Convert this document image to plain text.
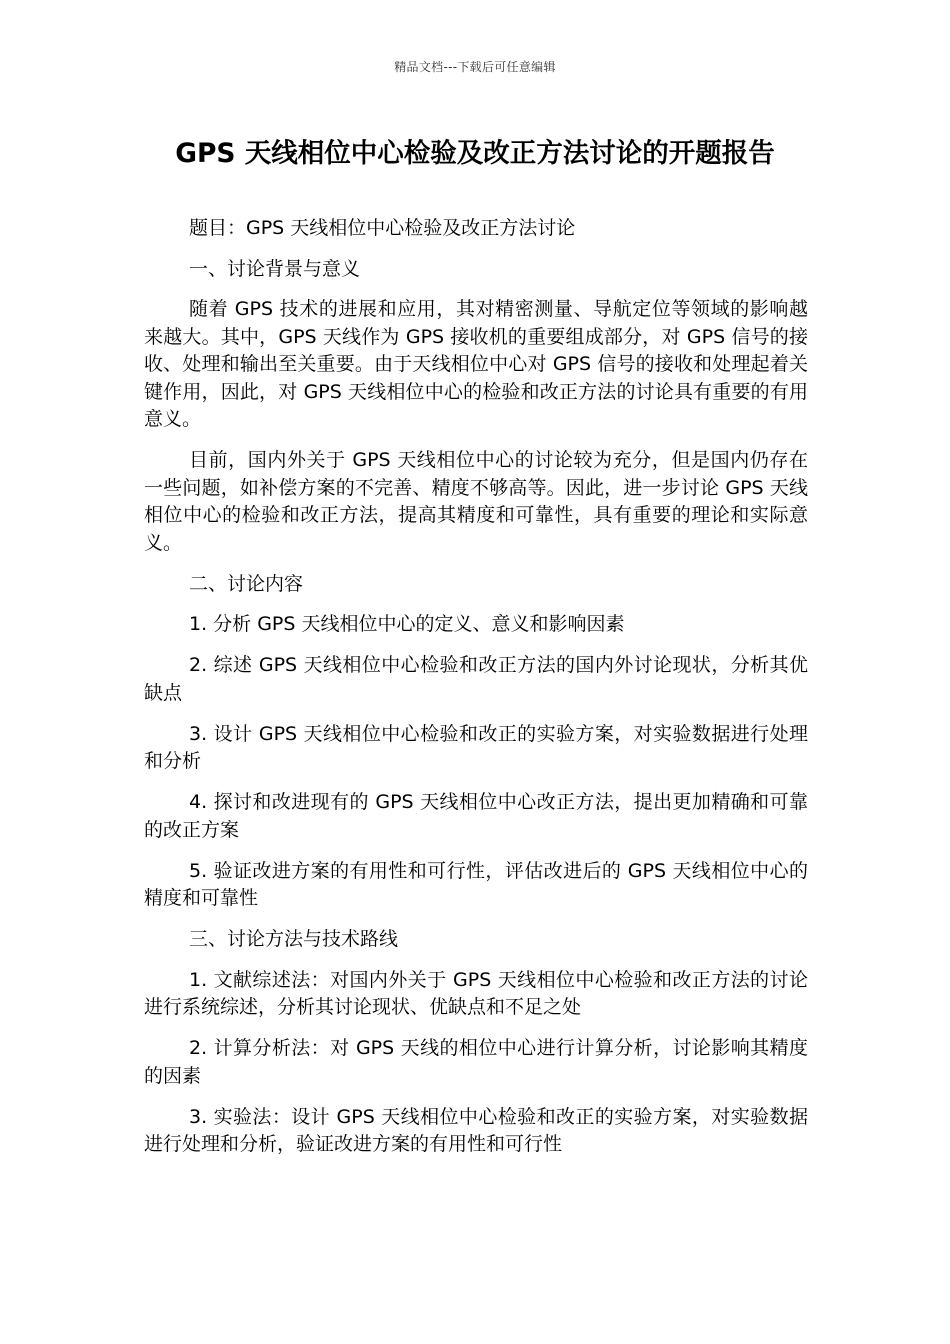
精品文档---下载后可任意编辑
GPS 天线相位中心检验及改正方法讨论的开题报告

题目：GPS 天线相位中心检验及改正方法讨论

一、讨论背景与意义

随着 GPS 技术的进展和应用，其对精密测量、导航定位等领域的影响越来越大。其中，GPS 天线作为 GPS 接收机的重要组成部分，对 GPS 信号的接收、处理和输出至关重要。由于天线相位中心对 GPS 信号的接收和处理起着关键作用，因此，对 GPS 天线相位中心的检验和改正方法的讨论具有重要的有用意义。

目前，国内外关于 GPS 天线相位中心的讨论较为充分，但是国内仍存在一些问题，如补偿方案的不完善、精度不够高等。因此，进一步讨论 GPS 天线相位中心的检验和改正方法，提高其精度和可靠性，具有重要的理论和实际意义。

二、讨论内容

1. 分析 GPS 天线相位中心的定义、意义和影响因素

2. 综述 GPS 天线相位中心检验和改正方法的国内外讨论现状，分析其优缺点

3. 设计 GPS 天线相位中心检验和改正的实验方案，对实验数据进行处理和分析

4. 探讨和改进现有的 GPS 天线相位中心改正方法，提出更加精确和可靠的改正方案

5. 验证改进方案的有用性和可行性，评估改进后的 GPS 天线相位中心的精度和可靠性

三、讨论方法与技术路线

1. 文献综述法：对国内外关于 GPS 天线相位中心检验和改正方法的讨论进行系统综述，分析其讨论现状、优缺点和不足之处

2. 计算分析法：对 GPS 天线的相位中心进行计算分析，讨论影响其精度的因素

3. 实验法：设计 GPS 天线相位中心检验和改正的实验方案，对实验数据进行处理和分析，验证改进方案的有用性和可行性
